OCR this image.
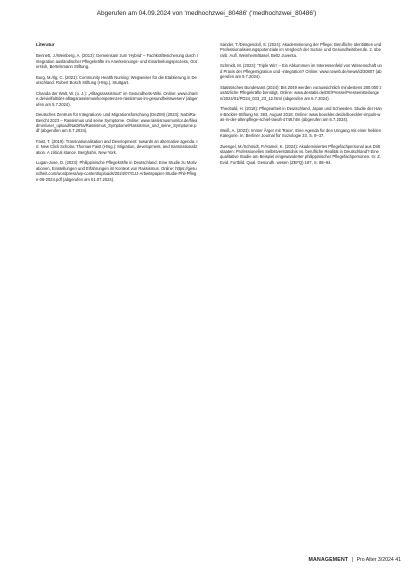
Abgerufen am 04.09.2024 von 'medhochzwei_80486' ('medhochzwei_80486')
Literatur

Bennett, J./Weinberg, A. (2013): Gemeinsam zum 'Hybrid' – Fachkräftesicherung durch Integration ausländischer Pflegekräfte im Anerkennungs- und Einarbeitungsprozess, Gütersloh, Bertelsmann Stiftung.

Burg, M./Ilg, C. (2021): Community Health Nursing: Wegweiser für die Etablierung in Deutschland. Robert Bosch Stiftung (Hrsg.), Stuttgart.

Chanda der Walt, W. (o. J.): „Alltagsrassismus“ im Gesundheits-Wiki. Online: www.charite.de/vielfalt/der-alltagsrassismus/kompetenzen-rassismus-im-gesundheitswesen/ (abgerufen am 5.7.2024).

Deutsches Zentrum für Integrations- und Migrationsforschung (DeZIM) (2023): NaDiRa-Bericht 2023 – Rassismus und seine Symptome. Online: www.rassismusmonitor.de/fileadmin/user_upload/NaDiRa/Rassismus_Symptome/Rassismus_und_seine_Symptome.pdf (abgerufen am 5.7.2024).

Faist, T. (2019): Transnationalisation and Development: towards an alternative agenda. In: New Click Scholar, Thomas Faist (Hrsg.): Migration, development, and transnationalization. A critical stance. Berghahn, New York.

Lugan-Jose, D. (2023): Philippinische Pflegekräfte in Deutschland. Eine Studie zu Motivationen, Einstellungen und Erfahrungen im Kontext von Rassismus. Online: https://gesundheit.com/wordpress/wp-content/uploads/2024/07/GJJ-Arbeitspapier-Studie-Phil-Pflege-08-2024.pdf (abgerufen am 01.07.2024).

Sander, T./Dengendoll, S. (2024): Akademisierung der Pflege: Berufliche Identitäten und Professionalisierungspotenziale im Vergleich der Sozial- und Gesundheitsberufe. 2. überarb. Aufl. Weinheim/Basel, Beltz Juventa.

Schmidt, M. (2023): 'Triple Win' – Ein Abkommen im Interessenfeld von Wissenschaft und Praxis der Pflegemigration und -integration? Online: www.roweb.de/news/id/30807 (abgerufen am 5.7.2024).

Statistisches Bundesamt (2024): Bis 2049 werden voraussichtlich mindestens 280.000 zusätzliche Pflegekräfte benötigt. Online: www.destatis.de/DE/Presse/Pressemitteilungen/2024/01/PD24_033_23_12.html (abgerufen am 5.7.2024).

Theobald, H. (2018): Pflegearbeit in Deutschland, Japan und Schweden. Studie der Hans-Böckler-Stiftung Nr. 383, August 2018. Online: www.boeckler.de/de/boeckler-impuls-was-in-der-altenpflege-schief-laeuft-4748.htm (abgerufen am 5.7.2024).

Weiß, A. (2023): Immer Ärger mit 'Race'. Eine Agenda für den Umgang mit einer heiklen Kategorie. In: Berliner Journal für Soziologie 33, S. 9–37.

Zwengel, M./Schmidt, P./Hamel, K. (2024): Akademisiertes Pflegefachpersonal aus Drittstaaten: Professionelles Selbstverständnis vs. berufliche Realität in Deutschland? Eine qualitative Studie am Beispiel eingewanderter philippinischer Pflegefachpersonen. In: Z. Evid. Fortbild. Qual. Gesundh. wesen (ZEFQ) 187, S. 88–94.

MANAGEMENT | Pro Alter 3/2024 41
